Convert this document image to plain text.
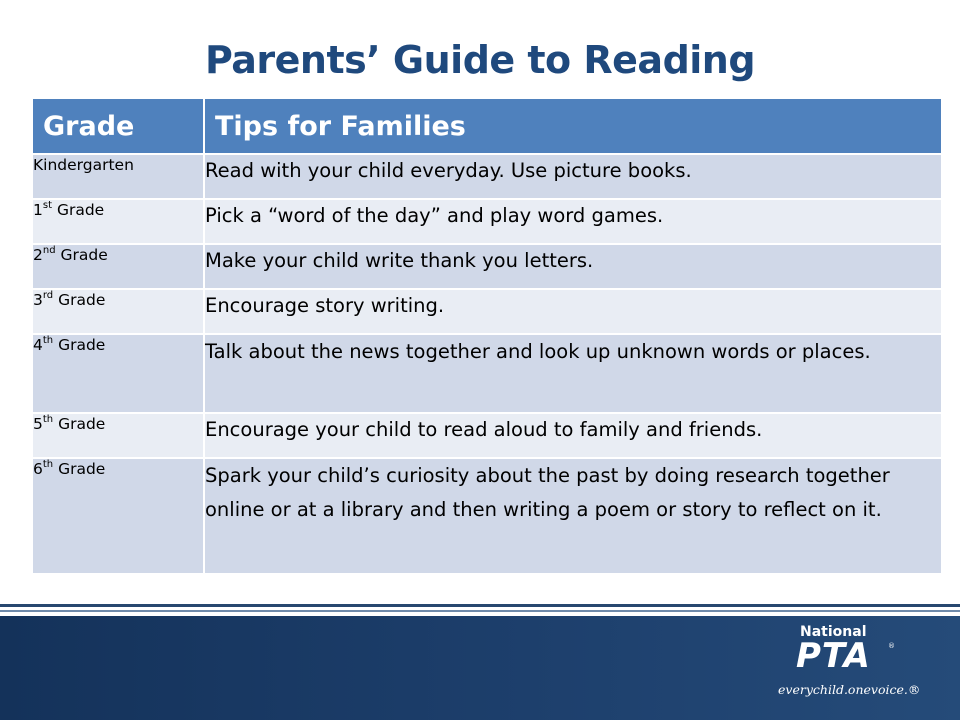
Parents’ Guide to Reading
Grade	Tips for Families
Kindergarten	Read with your child everyday. Use picture books.
1st Grade	Pick a “word of the day” and play word games.
2nd Grade	Make your child write thank you letters.
3rd Grade	Encourage story writing.
4th Grade	Talk about the news together and look up unknown words or places.
5th Grade	Encourage your child to read aloud to family and friends.
6th Grade	Spark your child’s curiosity about the past by doing research together online or at a library and then writing a poem or story to reflect on it.
National
PTA ®
everychild.onevoice.®
